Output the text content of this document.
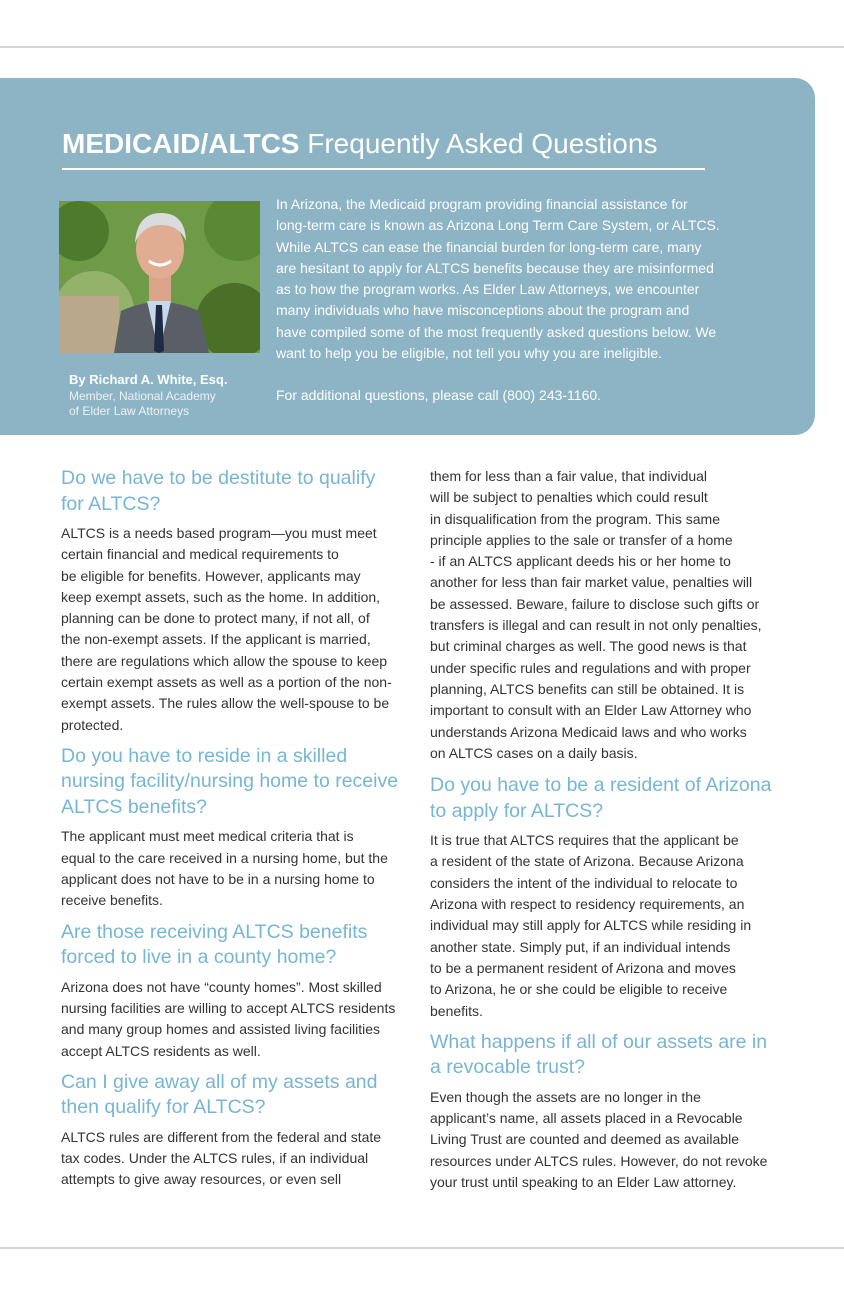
MEDICAID/ALTCS Frequently Asked Questions
By Richard A. White, Esq.
Member, National Academy
of Elder Law Attorneys

In Arizona, the Medicaid program providing financial assistance for
long-term care is known as Arizona Long Term Care System, or ALTCS.
While ALTCS can ease the financial burden for long-term care, many
are hesitant to apply for ALTCS benefits because they are misinformed
as to how the program works. As Elder Law Attorneys, we encounter
many individuals who have misconceptions about the program and
have compiled some of the most frequently asked questions below. We
want to help you be eligible, not tell you why you are ineligible.

For additional questions, please call (800) 243-1160.

Do we have to be destitute to qualify
for ALTCS?

ALTCS is a needs based program—you must meet
certain financial and medical requirements to
be eligible for benefits. However, applicants may
keep exempt assets, such as the home. In addition,
planning can be done to protect many, if not all, of
the non-exempt assets. If the applicant is married,
there are regulations which allow the spouse to keep
certain exempt assets as well as a portion of the non-
exempt assets. The rules allow the well-spouse to be
protected.

Do you have to reside in a skilled
nursing facility/nursing home to receive
ALTCS benefits?

The applicant must meet medical criteria that is
equal to the care received in a nursing home, but the
applicant does not have to be in a nursing home to
receive benefits.

Are those receiving ALTCS benefits
forced to live in a county home?

Arizona does not have “county homes”. Most skilled
nursing facilities are willing to accept ALTCS residents
and many group homes and assisted living facilities
accept ALTCS residents as well.

Can I give away all of my assets and
then qualify for ALTCS?

ALTCS rules are different from the federal and state
tax codes. Under the ALTCS rules, if an individual
attempts to give away resources, or even sell

them for less than a fair value, that individual
will be subject to penalties which could result
in disqualification from the program. This same
principle applies to the sale or transfer of a home
- if an ALTCS applicant deeds his or her home to
another for less than fair market value, penalties will
be assessed. Beware, failure to disclose such gifts or
transfers is illegal and can result in not only penalties,
but criminal charges as well. The good news is that
under specific rules and regulations and with proper
planning, ALTCS benefits can still be obtained. It is
important to consult with an Elder Law Attorney who
understands Arizona Medicaid laws and who works
on ALTCS cases on a daily basis.

Do you have to be a resident of Arizona
to apply for ALTCS?

It is true that ALTCS requires that the applicant be
a resident of the state of Arizona. Because Arizona
considers the intent of the individual to relocate to
Arizona with respect to residency requirements, an
individual may still apply for ALTCS while residing in
another state. Simply put, if an individual intends
to be a permanent resident of Arizona and moves
to Arizona, he or she could be eligible to receive
benefits.

What happens if all of our assets are in
a revocable trust?

Even though the assets are no longer in the
applicant’s name, all assets placed in a Revocable
Living Trust are counted and deemed as available
resources under ALTCS rules. However, do not revoke
your trust until speaking to an Elder Law attorney.
